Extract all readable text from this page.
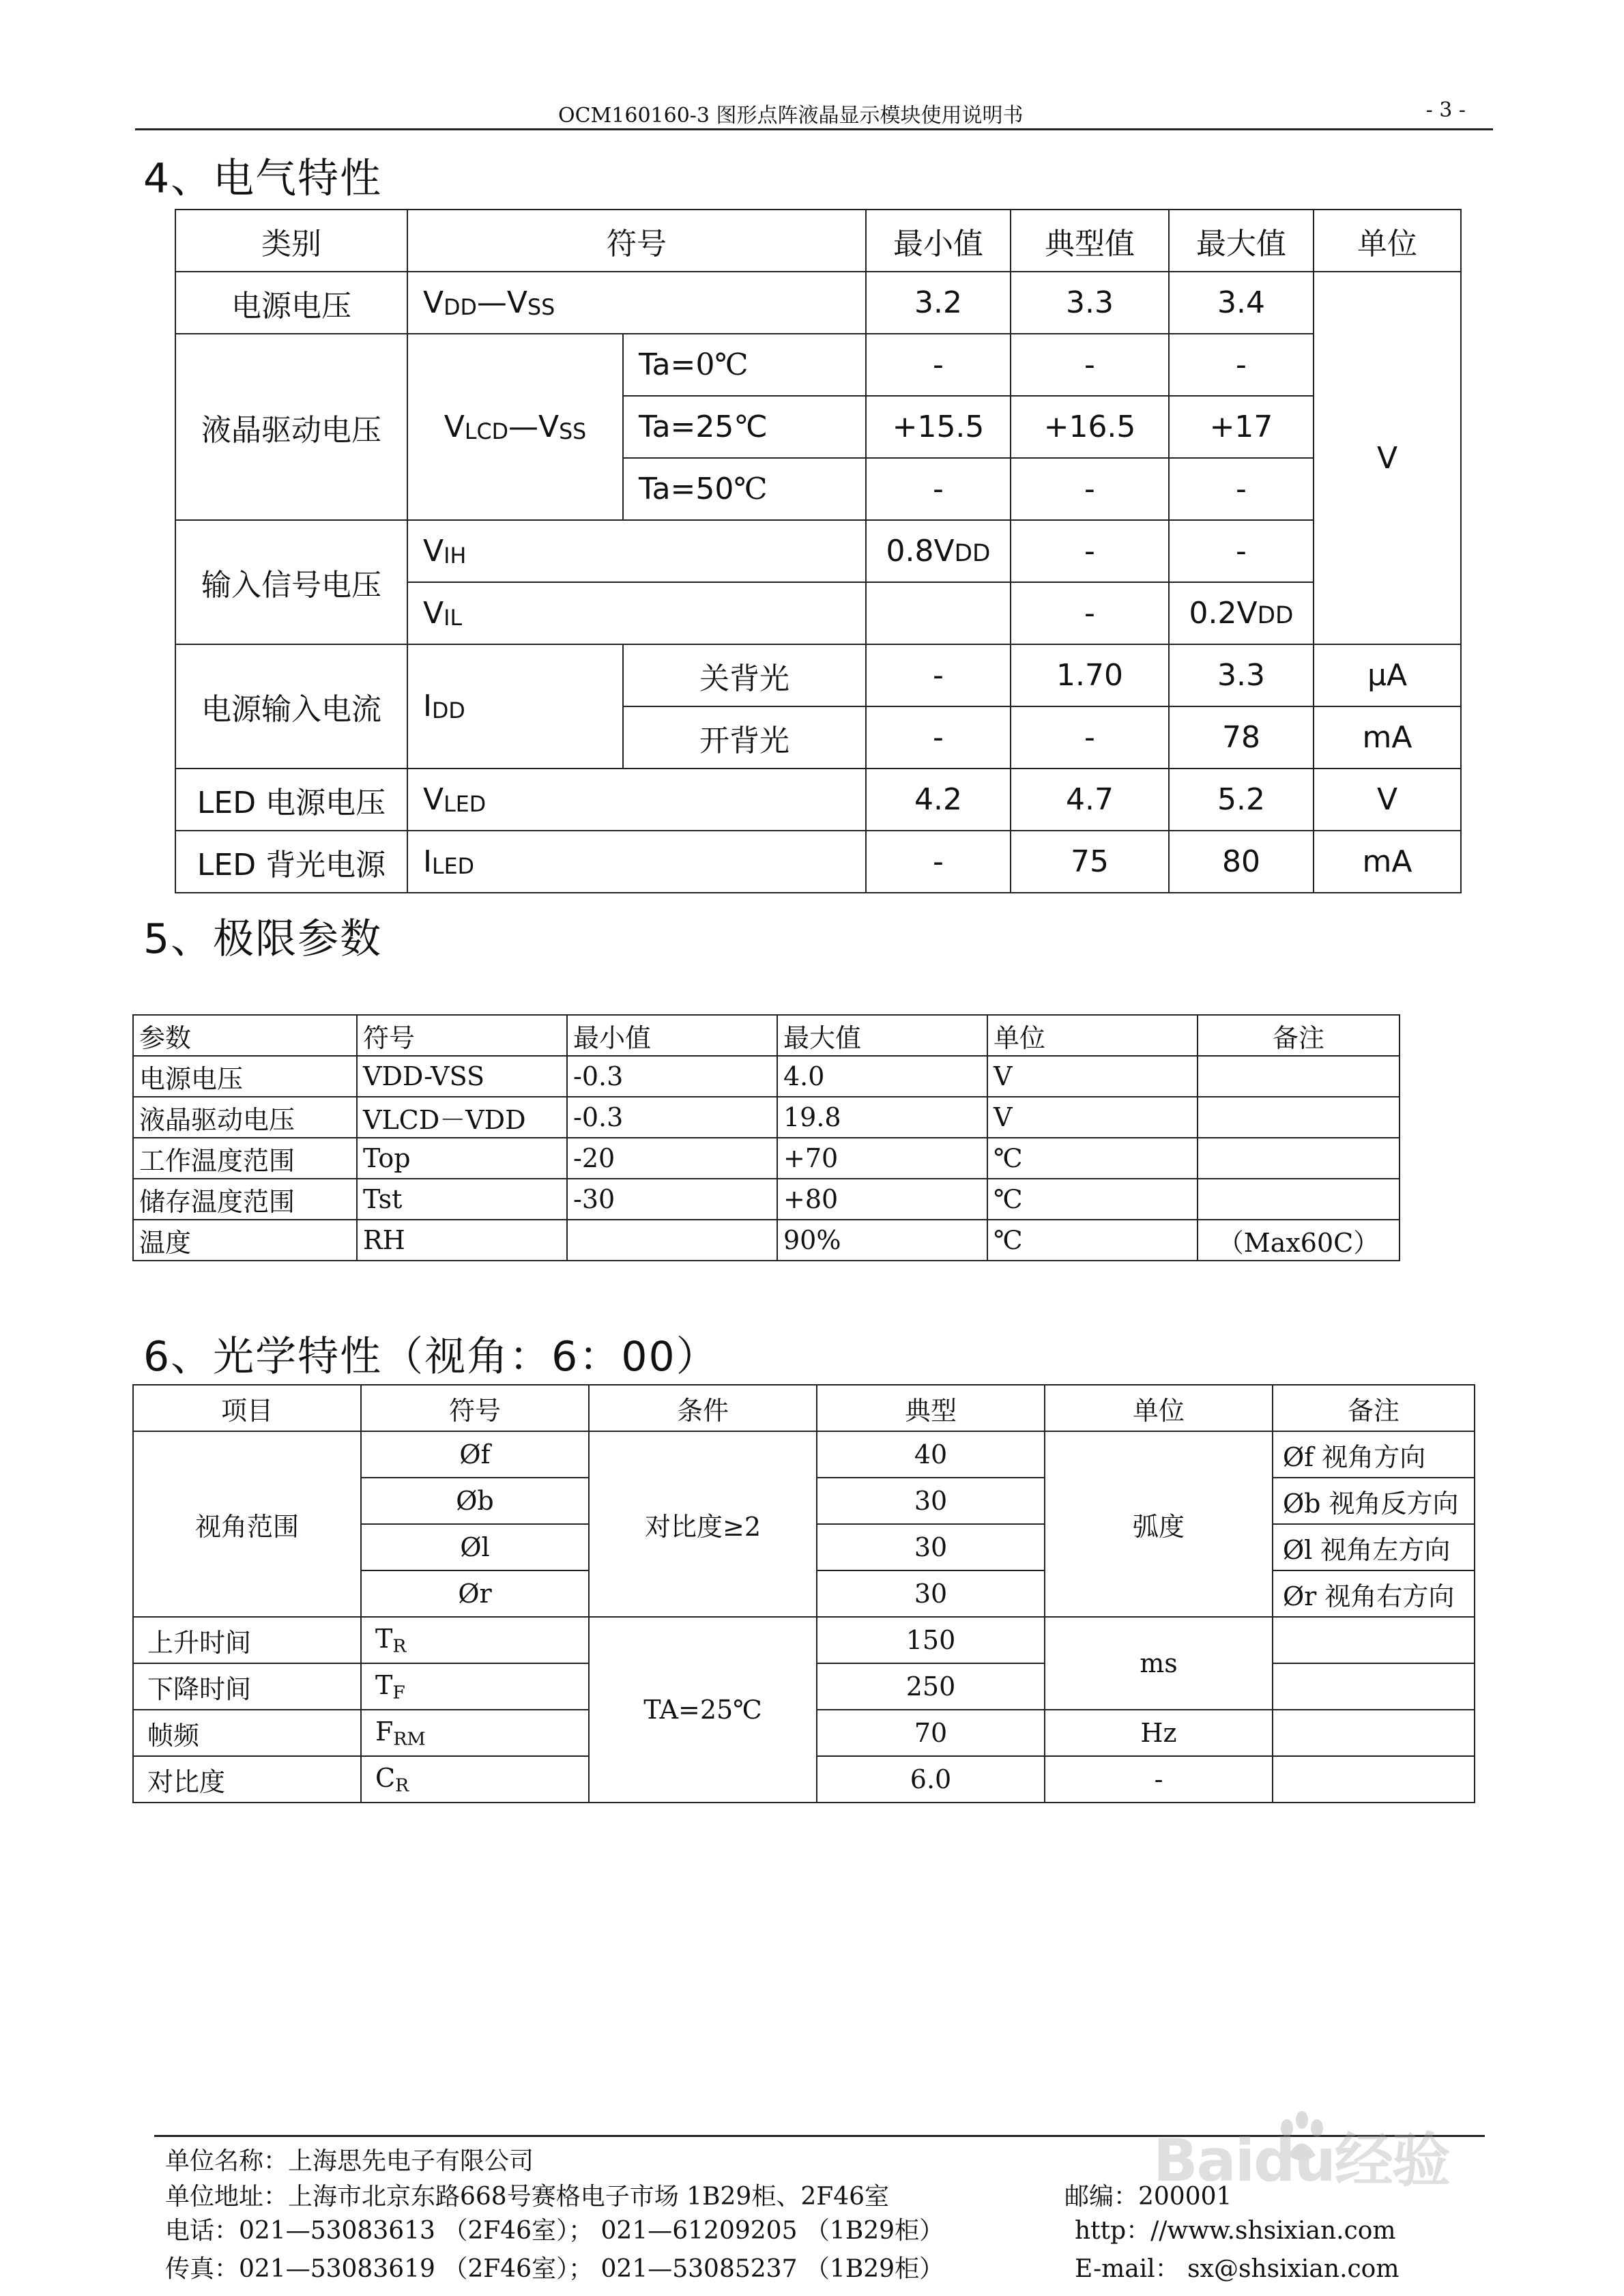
OCM160160-3 图形点阵液晶显示模块使用说明书	- 3 -
4、电气特性
类别	符号		最小值	典型值	最大值	单位
电源电压	$V_{DD}—V_{SS}$		3.2	3.3	3.4	V
液晶驱动电压	$V_{LCD}—V_{SS}$	Ta=0℃	-	-	-	
		Ta=25℃	+15.5	+16.5	+17	
		Ta=50℃	-	-	-	
输入信号电压	$V_{IH}$		0.8VDD	-	-	
	$V_{IL}$			-	0.2VDD	
电源输入电流	$I_{DD}$	关背光	-	1.70	3.3	μA
		开背光	-	-	78	mA
LED 电源电压	$V_{LED}$		4.2	4.7	5.2	V
LED 背光电源	$I_{LED}$		-	75	80	mA
5、极限参数
参数	符号	最小值	最大值	单位	备注
电源电压	VDD-VSS	-0.3	4.0	V	
液晶驱动电压	VLCD－VDD	-0.3	19.8	V	
工作温度范围	Top	-20	+70	℃	
储存温度范围	Tst	-30	+80	℃	
温度	RH		90%	℃	（Max60C）
6、光学特性（视角：6：00）
项目	符号	条件	典型	单位	备注
视角范围	Øf	对比度≥2	40	弧度	Øf 视角方向
	Øb		30		Øb 视角反方向
	Øl		30		Øl 视角左方向
	Ør		30		Ør 视角右方向
上升时间	$T_R$	TA=25℃	150	ms	
下降时间	$T_F$		250		
帧频	$F_{RM}$		70	Hz	
对比度	$C_R$		6.0	-	
单位名称：上海思先电子有限公司
单位地址：上海市北京东路668号赛格电子市场 1B29柜、2F46室	邮编：200001
电话：021—53083613 （2F46室）； 021—61209205 （1B29柜）	http：//www.shsixian.com
传真：021—53083619 （2F46室）； 021—53085237 （1B29柜）	E-mail： sx@shsixian.com
Baidu经验
